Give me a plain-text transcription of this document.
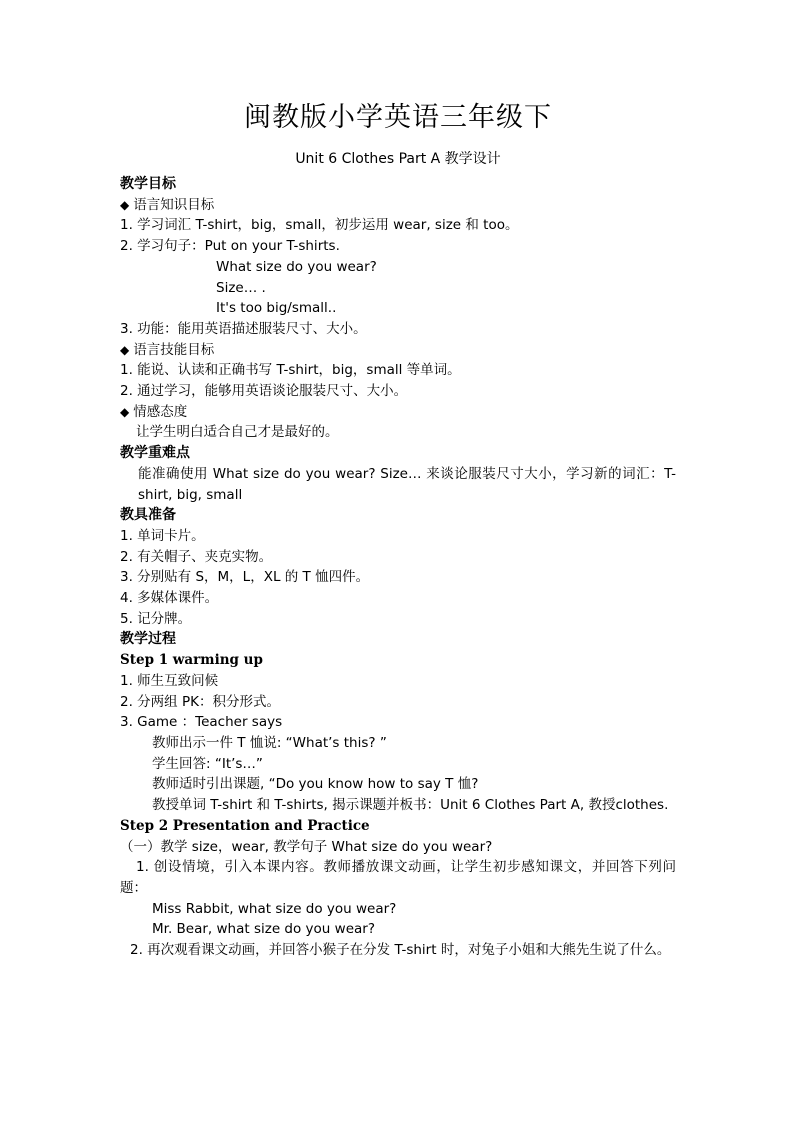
闽教版小学英语三年级下
Unit 6 Clothes Part A 教学设计
教学目标
◆ 语言知识目标
1. 学习词汇 T-shirt，big，small，初步运用 wear, size 和 too。
2. 学习句子：Put on your T-shirts.
What size do you wear?
Size… .
It's too big/small..
3. 功能：能用英语描述服装尺寸、大小。
◆ 语言技能目标
1. 能说、认读和正确书写 T-shirt，big，small 等单词。
2. 通过学习，能够用英语谈论服装尺寸、大小。
◆ 情感态度
让学生明白适合自己才是最好的。
教学重难点
能准确使用 What size do you wear? Size… 来谈论服装尺寸大小，学习新的词汇：T-shirt, big, small
教具准备
1. 单词卡片。
2. 有关帽子、夹克实物。
3. 分别贴有 S，M，L，XL 的 T 恤四件。
4. 多媒体课件。
5. 记分牌。
教学过程
Step 1 warming up
1. 师生互致问候
2. 分两组 PK：积分形式。
3. Game ：Teacher says
教师出示一件 T 恤说: “What’s this? ”
学生回答: “It’s…”
教师适时引出课题, “Do you know how to say T 恤?
教授单词 T-shirt 和 T-shirts, 揭示课题并板书：Unit 6 Clothes Part A, 教授clothes.
Step 2 Presentation and Practice
（一）教学 size，wear, 教学句子 What size do you wear?
1. 创设情境，引入本课内容。教师播放课文动画，让学生初步感知课文，并回答下列问题：
Miss Rabbit, what size do you wear?
Mr. Bear, what size do you wear?
2. 再次观看课文动画，并回答小猴子在分发 T-shirt 时，对兔子小姐和大熊先生说了什么。
